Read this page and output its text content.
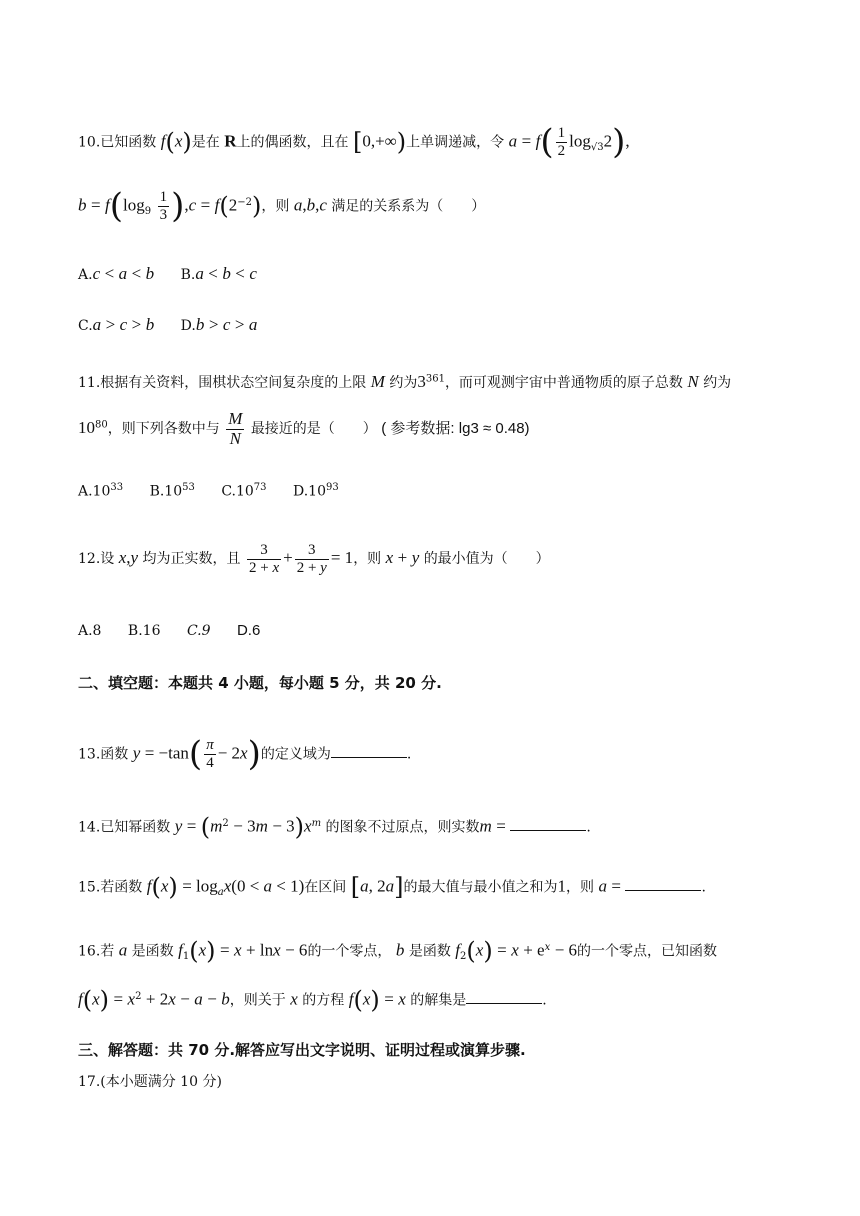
10.已知函数 f(x)是在 R上的偶函数，且在 [0,+∞)上单调递减，令 $a = f( \frac{1}{2} \log_{√3}2)$,
$b = f(\log_9 \frac{1}{3} ),c = f(2^{-2})$，则 a,b,c 满足的关系系为（　　）
A.c < a < b B.a < b < c
C.a > c > b D.b > c > a
11.根据有关资料，围棋状态空间复杂度的上限 M 约为$3^{361}$，而可观测宇宙中普通物质的原子总数 N 约为
$10^{80}$，则下列各数中与 $\frac{M}{N}$ 最接近的是（　　） ( 参考数据: lg3 ≈ 0.48)
$A.10^{33}$ $B.10^{53}$ $C.10^{73}$ $D.10^{93}$
12.设 x,y 均为正实数，且 $\frac{3}{2 + x} + \frac{3}{2 + y} = 1$，则 x + y 的最小值为（　　）
A.8 B.16 C.9 D.6
二、填空题：本题共 4 小题，每小题 5 分，共 20 分.
13.函数 $y = -\tan( \frac{\pi}{4} - 2x)$的定义域为	.
14.已知幂函数 $y = (m^2 - 3m - 3)x^m$ 的图象不过原点，则实数m =	.
15.若函数 $f(x) = \log_ax(0 < a < 1)$在区间 [a, 2a]的最大值与最小值之和为1，则 a =	.
16.若 a 是函数 $f_1(x) = x + \ln x - 6$的一个零点， b 是函数 $f_2(x) = x + e^x - 6$的一个零点，已知函数
$f(x) = x^2 + 2x - a - b$，则关于 x 的方程 f(x) = x 的解集是	.
三、解答题：共 70 分.解答应写出文字说明、证明过程或演算步骤.
17.(本小题满分 10 分)
